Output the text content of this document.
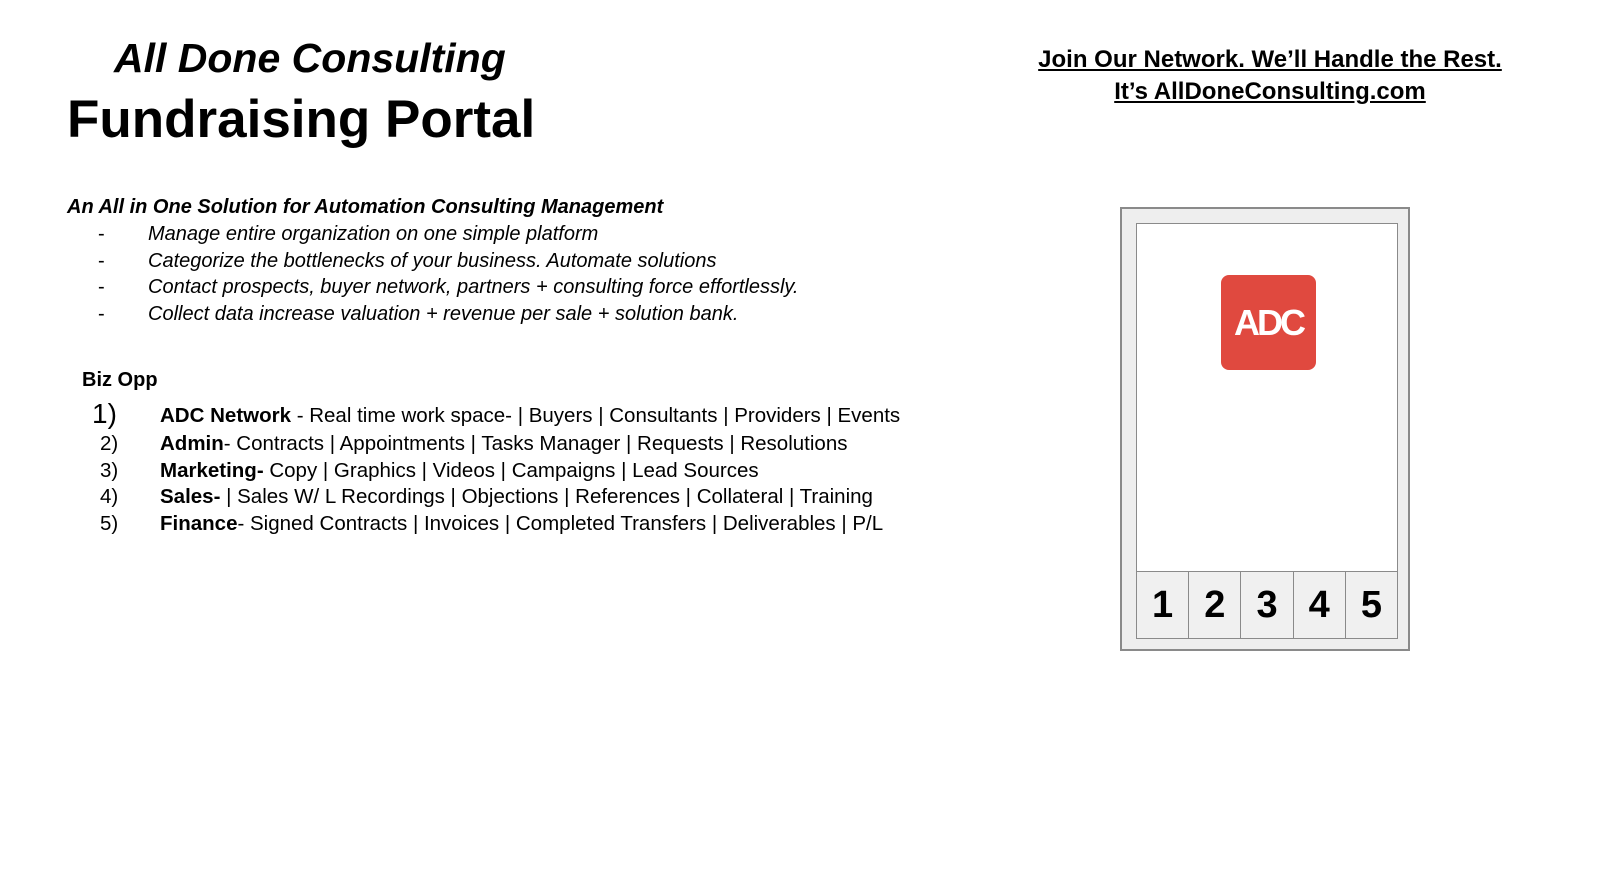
All Done Consulting
Fundraising Portal
Join Our Network. We’ll Handle the Rest.
It’s AllDoneConsulting.com
An All in One Solution for Automation Consulting Management
- Manage entire organization on one simple platform
- Categorize the bottlenecks of your business. Automate solutions
- Contact prospects, buyer network, partners + consulting force effortlessly.
- Collect data increase valuation + revenue per sale + solution bank.
Biz Opp
1) ADC Network - Real time work space- | Buyers | Consultants | Providers | Events
2) Admin- Contracts | Appointments | Tasks Manager | Requests | Resolutions
3) Marketing- Copy | Graphics | Videos | Campaigns | Lead Sources
4) Sales- | Sales W/ L Recordings | Objections | References | Collateral | Training
5) Finance- Signed Contracts | Invoices | Completed Transfers | Deliverables | P/L
ADC
1 2 3 4 5
